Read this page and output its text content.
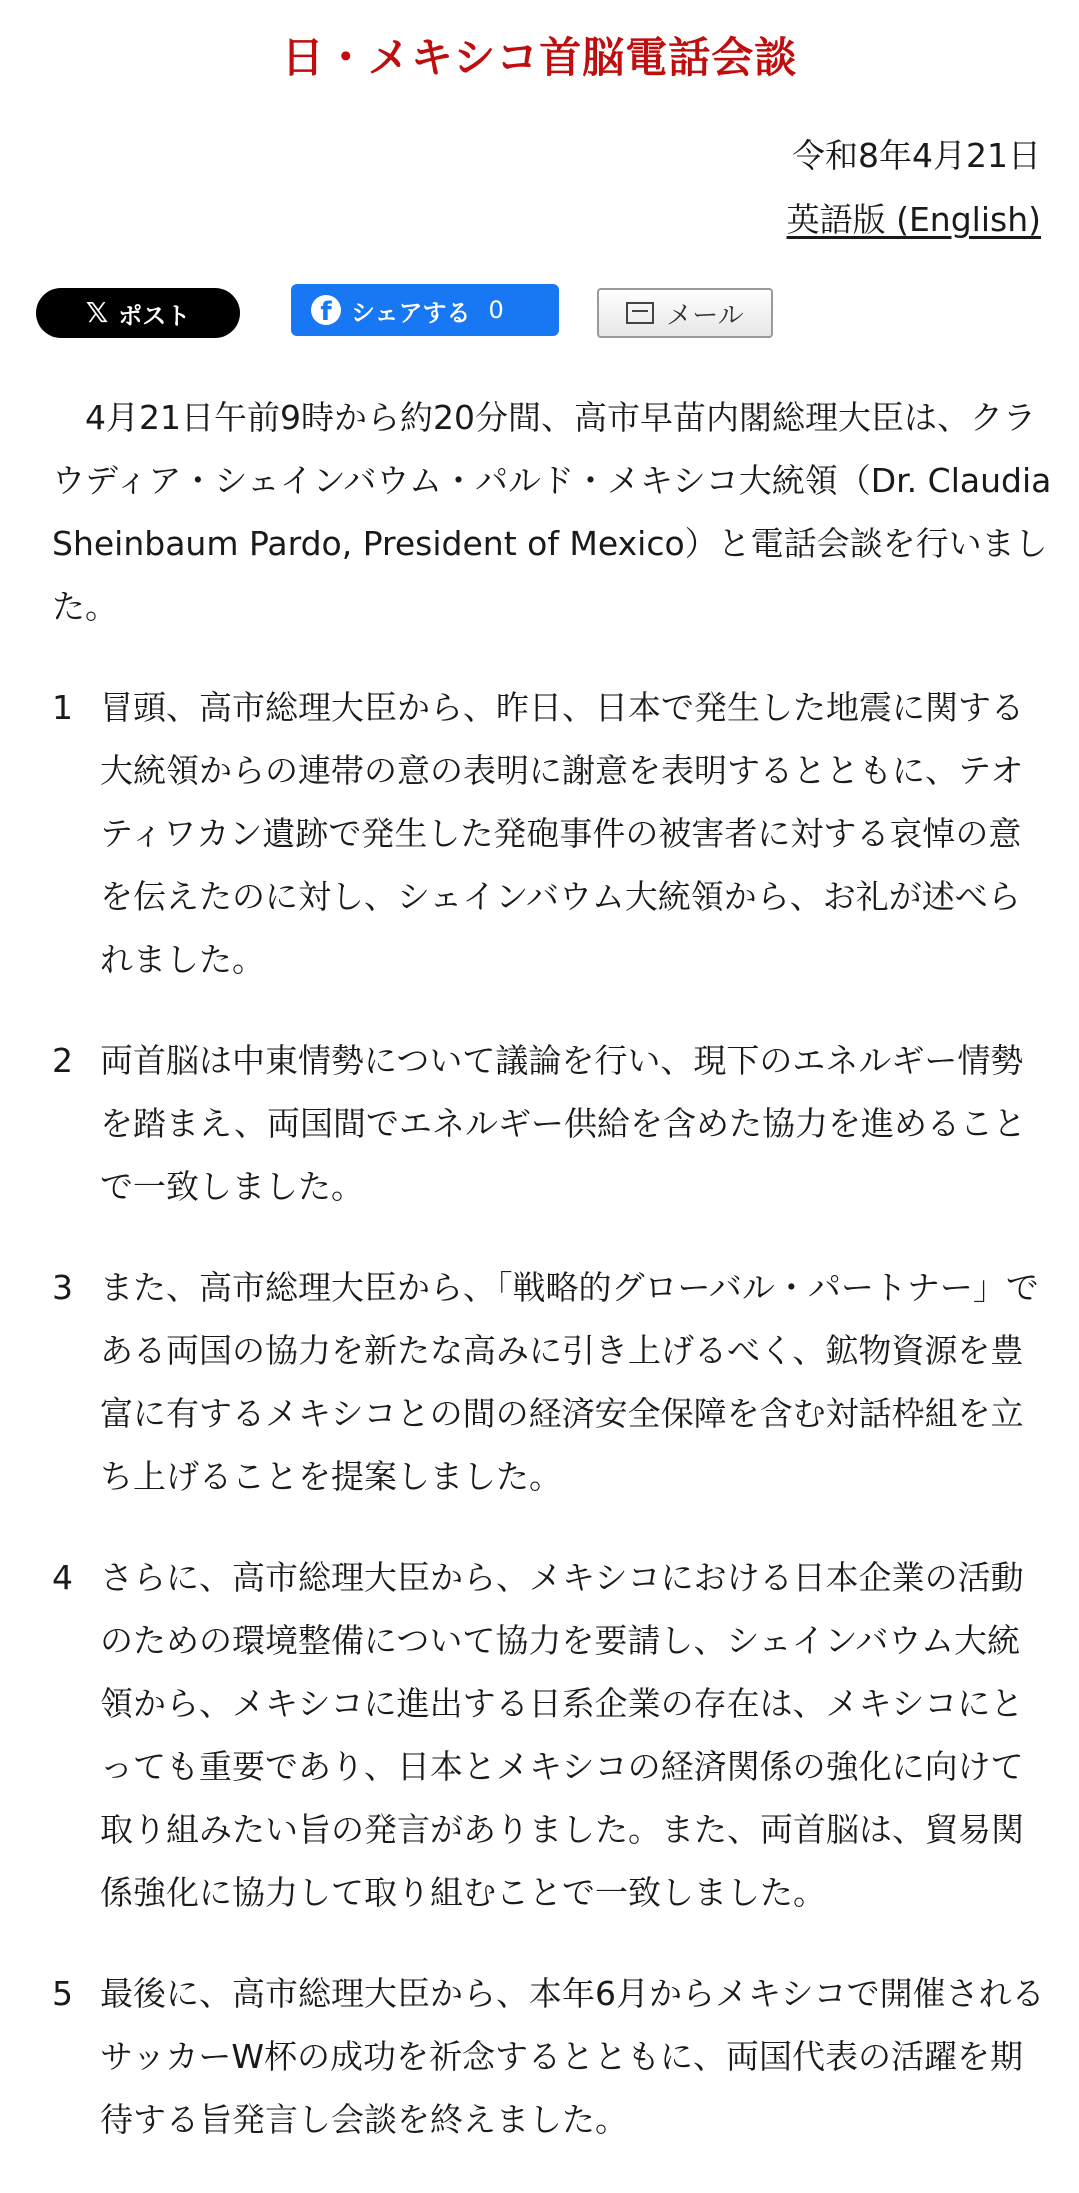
日・メキシコ首脳電話会談
令和8年4月21日
英語版 (English)
𝕏 ポスト	f シェアする 0	メール

4月21日午前9時から約20分間、高市早苗内閣総理大臣は、クラウディア・シェインバウム・パルド・メキシコ大統領（Dr. Claudia Sheinbaum Pardo, President of Mexico）と電話会談を行いました。

1 冒頭、高市総理大臣から、昨日、日本で発生した地震に関する大統領からの連帯の意の表明に謝意を表明するとともに、テオティワカン遺跡で発生した発砲事件の被害者に対する哀悼の意を伝えたのに対し、シェインバウム大統領から、お礼が述べられました。
2 両首脳は中東情勢について議論を行い、現下のエネルギー情勢を踏まえ、両国間でエネルギー供給を含めた協力を進めることで一致しました。
3 また、高市総理大臣から、「戦略的グローバル・パートナー」である両国の協力を新たな高みに引き上げるべく、鉱物資源を豊富に有するメキシコとの間の経済安全保障を含む対話枠組を立ち上げることを提案しました。
4 さらに、高市総理大臣から、メキシコにおける日本企業の活動のための環境整備について協力を要請し、シェインバウム大統領から、メキシコに進出する日系企業の存在は、メキシコにとっても重要であり、日本とメキシコの経済関係の強化に向けて取り組みたい旨の発言がありました。また、両首脳は、貿易関係強化に協力して取り組むことで一致しました。
5 最後に、高市総理大臣から、本年6月からメキシコで開催されるサッカーW杯の成功を祈念するとともに、両国代表の活躍を期待する旨発言し会談を終えました。
